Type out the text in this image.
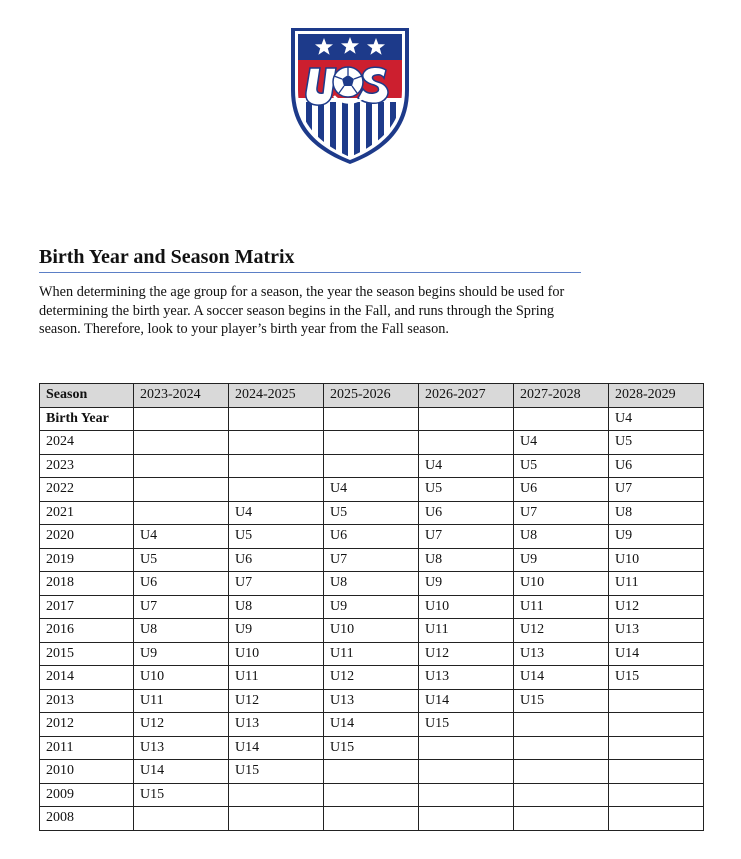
Birth Year and Season Matrix

When determining the age group for a season, the year the season begins should be used for
determining the birth year. A soccer season begins in the Fall, and runs through the Spring
season. Therefore, look to your player’s birth year from the Fall season.

Season	2023-2024	2024-2025	2025-2026	2026-2027	2027-2028	2028-2029
Birth Year						U4
2024					U4	U5
2023				U4	U5	U6
2022			U4	U5	U6	U7
2021		U4	U5	U6	U7	U8
2020	U4	U5	U6	U7	U8	U9
2019	U5	U6	U7	U8	U9	U10
2018	U6	U7	U8	U9	U10	U11
2017	U7	U8	U9	U10	U11	U12
2016	U8	U9	U10	U11	U12	U13
2015	U9	U10	U11	U12	U13	U14
2014	U10	U11	U12	U13	U14	U15
2013	U11	U12	U13	U14	U15	
2012	U12	U13	U14	U15		
2011	U13	U14	U15			
2010	U14	U15				
2009	U15					
2008						
